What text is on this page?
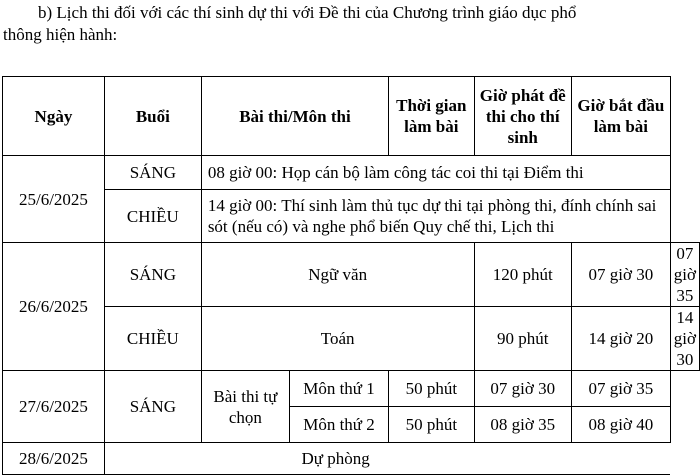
b) Lịch thi đối với các thí sinh dự thi với Đề thi của Chương trình giáo dục phổ
thông hiện hành:
Ngày	Buổi	Bài thi/Môn thi		Thời gian làm bài	Giờ phát đề thi cho thí sinh	Giờ bắt đầu làm bài	
25/6/2025	SÁNG	08 giờ 00: Họp cán bộ làm công tác coi thi tại Điểm thi					
	CHIỀU	14 giờ 00: Thí sinh làm thủ tục dự thi tại phòng thi, đính chính sai sót (nếu có) và nghe phổ biến Quy chế thi, Lịch thi					
26/6/2025	SÁNG	Ngữ văn			120 phút	07 giờ 30	07 giờ 35
	CHIỀU	Toán			90 phút	14 giờ 20	14 giờ 30
27/6/2025	SÁNG	Bài thi tự chọn	Môn thứ 1	50 phút	07 giờ 30	07 giờ 35	
			Môn thứ 2	50 phút	08 giờ 35	08 giờ 40	
28/6/2025	Dự phòng						
